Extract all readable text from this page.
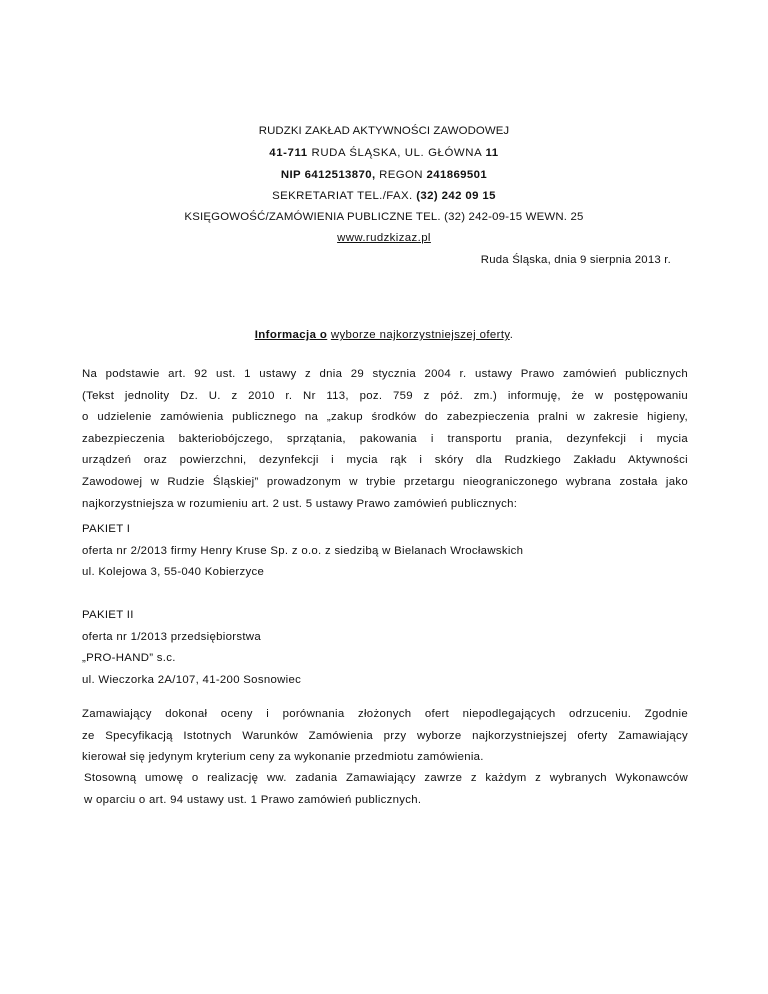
RUDZKI ZAKŁAD AKTYWNOŚCI ZAWODOWEJ
41-711 RUDA ŚLĄSKA, UL. GŁÓWNA 11
NIP 6412513870, REGON 241869501
SEKRETARIAT TEL./FAX. (32) 242 09 15
KSIĘGOWOŚĆ/ZAMÓWIENIA PUBLICZNE TEL. (32) 242-09-15 WEWN. 25
www.rudzkizaz.pl
Ruda Śląska, dnia 9 sierpnia 2013 r.
Informacja o wyborze najkorzystniejszej oferty.
Na podstawie art. 92 ust. 1 ustawy z dnia 29 stycznia 2004 r. ustawy Prawo zamówień publicznych
(Tekst jednolity Dz. U. z 2010 r. Nr 113, poz. 759 z póź. zm.) informuję, że w postępowaniu
o udzielenie zamówienia publicznego na „zakup środków do zabezpieczenia pralni w zakresie higieny,
zabezpieczenia bakteriobójczego, sprzątania, pakowania i transportu prania, dezynfekcji i mycia
urządzeń oraz powierzchni, dezynfekcji i mycia rąk i skóry dla Rudzkiego Zakładu Aktywności
Zawodowej w Rudzie Śląskiej” prowadzonym w trybie przetargu nieograniczonego wybrana została jako
najkorzystniejsza w rozumieniu art. 2 ust. 5 ustawy Prawo zamówień publicznych:
PAKIET I
oferta nr 2/2013 firmy Henry Kruse Sp. z o.o. z siedzibą w Bielanach Wrocławskich
ul. Kolejowa 3, 55-040 Kobierzyce
PAKIET II
oferta nr 1/2013 przedsiębiorstwa
„PRO-HAND” s.c.
ul. Wieczorka 2A/107, 41-200 Sosnowiec
Zamawiający dokonał oceny i porównania złożonych ofert niepodlegających odrzuceniu. Zgodnie
ze Specyfikacją Istotnych Warunków Zamówienia przy wyborze najkorzystniejszej oferty Zamawiający
kierował się jedynym kryterium ceny za wykonanie przedmiotu zamówienia.
Stosowną umowę o realizację ww. zadania Zamawiający zawrze z każdym z wybranych Wykonawców
w oparciu o art. 94 ustawy ust. 1 Prawo zamówień publicznych.
